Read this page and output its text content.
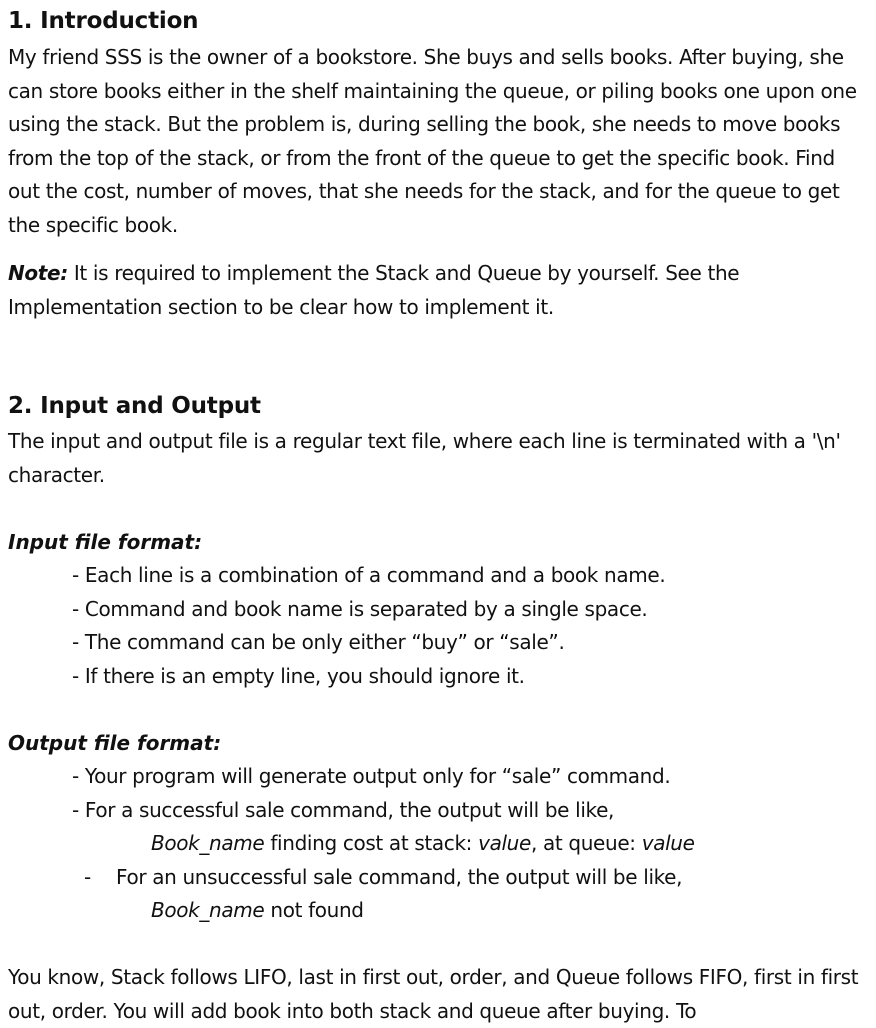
1. Introduction

My friend SSS is the owner of a bookstore. She buys and sells books. After buying, she can store books either in the shelf maintaining the queue, or piling books one upon one using the stack. But the problem is, during selling the book, she needs to move books from the top of the stack, or from the front of the queue to get the specific book. Find out the cost, number of moves, that she needs for the stack, and for the queue to get the specific book.

Note: It is required to implement the Stack and Queue by yourself. See the Implementation section to be clear how to implement it.

2. Input and Output

The input and output file is a regular text file, where each line is terminated with a '\n' character.

Input file format:
- Each line is a combination of a command and a book name.
- Command and book name is separated by a single space.
- The command can be only either “buy” or “sale”.
- If there is an empty line, you should ignore it.
Output file format:
- Your program will generate output only for “sale” command.
- For a successful sale command, the output will be like,
Book_name finding cost at stack: value, at queue: value
- For an unsuccessful sale command, the output will be like,
Book_name not found

You know, Stack follows LIFO, last in first out, order, and Queue follows FIFO, first in first out, order. You will add book into both stack and queue after buying. To
